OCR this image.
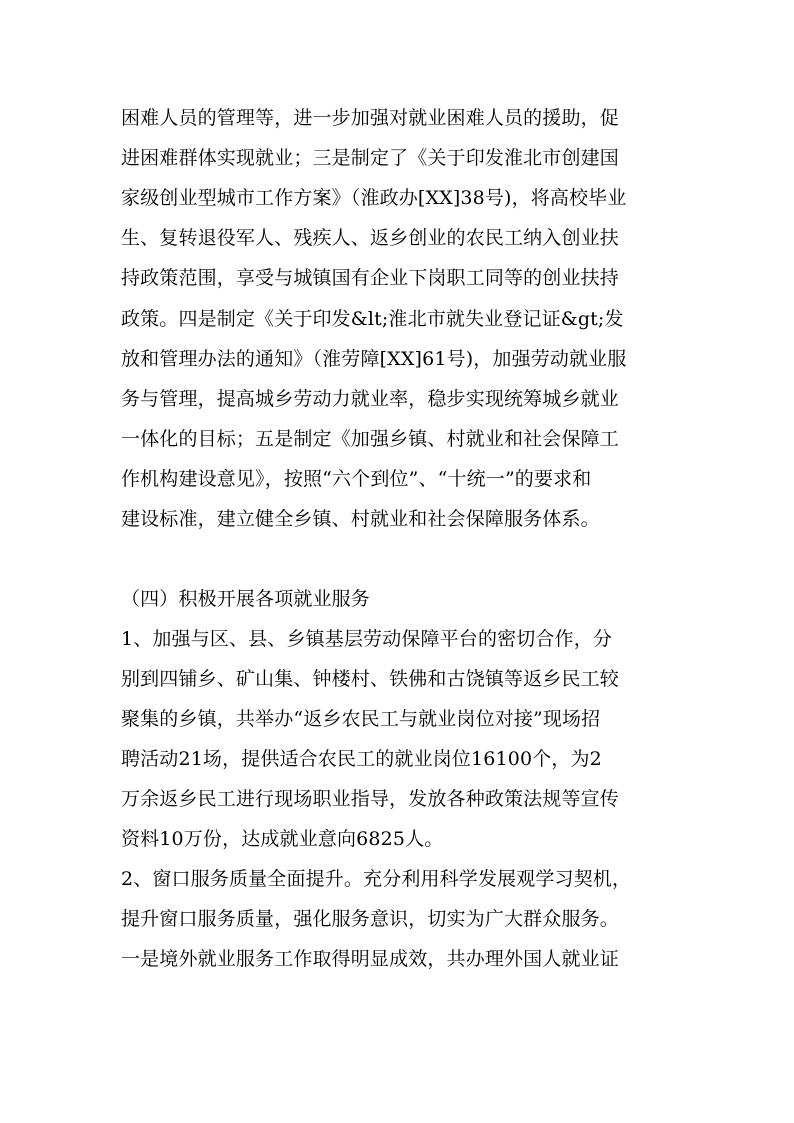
困难人员的管理等，进一步加强对就业困难人员的援助，促
进困难群体实现就业；三是制定了《关于印发淮北市创建国
家级创业型城市工作方案》（淮政办[XX]38号)，将高校毕业
生、复转退役军人、残疾人、返乡创业的农民工纳入创业扶
持政策范围，享受与城镇国有企业下岗职工同等的创业扶持
政策。四是制定《关于印发&lt;淮北市就失业登记证&gt;发
放和管理办法的通知》（淮劳障[XX]61号)，加强劳动就业服
务与管理，提高城乡劳动力就业率，稳步实现统筹城乡就业
一体化的目标；五是制定《加强乡镇、村就业和社会保障工
作机构建设意见》，按照“六个到位”、“十统一”的要求和
建设标准，建立健全乡镇、村就业和社会保障服务体系。
（四）积极开展各项就业服务
1、加强与区、县、乡镇基层劳动保障平台的密切合作，分
别到四铺乡、矿山集、钟楼村、铁佛和古饶镇等返乡民工较
聚集的乡镇，共举办“返乡农民工与就业岗位对接”现场招
聘活动21场，提供适合农民工的就业岗位16100个，为2
万余返乡民工进行现场职业指导，发放各种政策法规等宣传
资料10万份，达成就业意向6825人。
2、窗口服务质量全面提升。充分利用科学发展观学习契机，
提升窗口服务质量，强化服务意识，切实为广大群众服务。
一是境外就业服务工作取得明显成效，共办理外国人就业证
